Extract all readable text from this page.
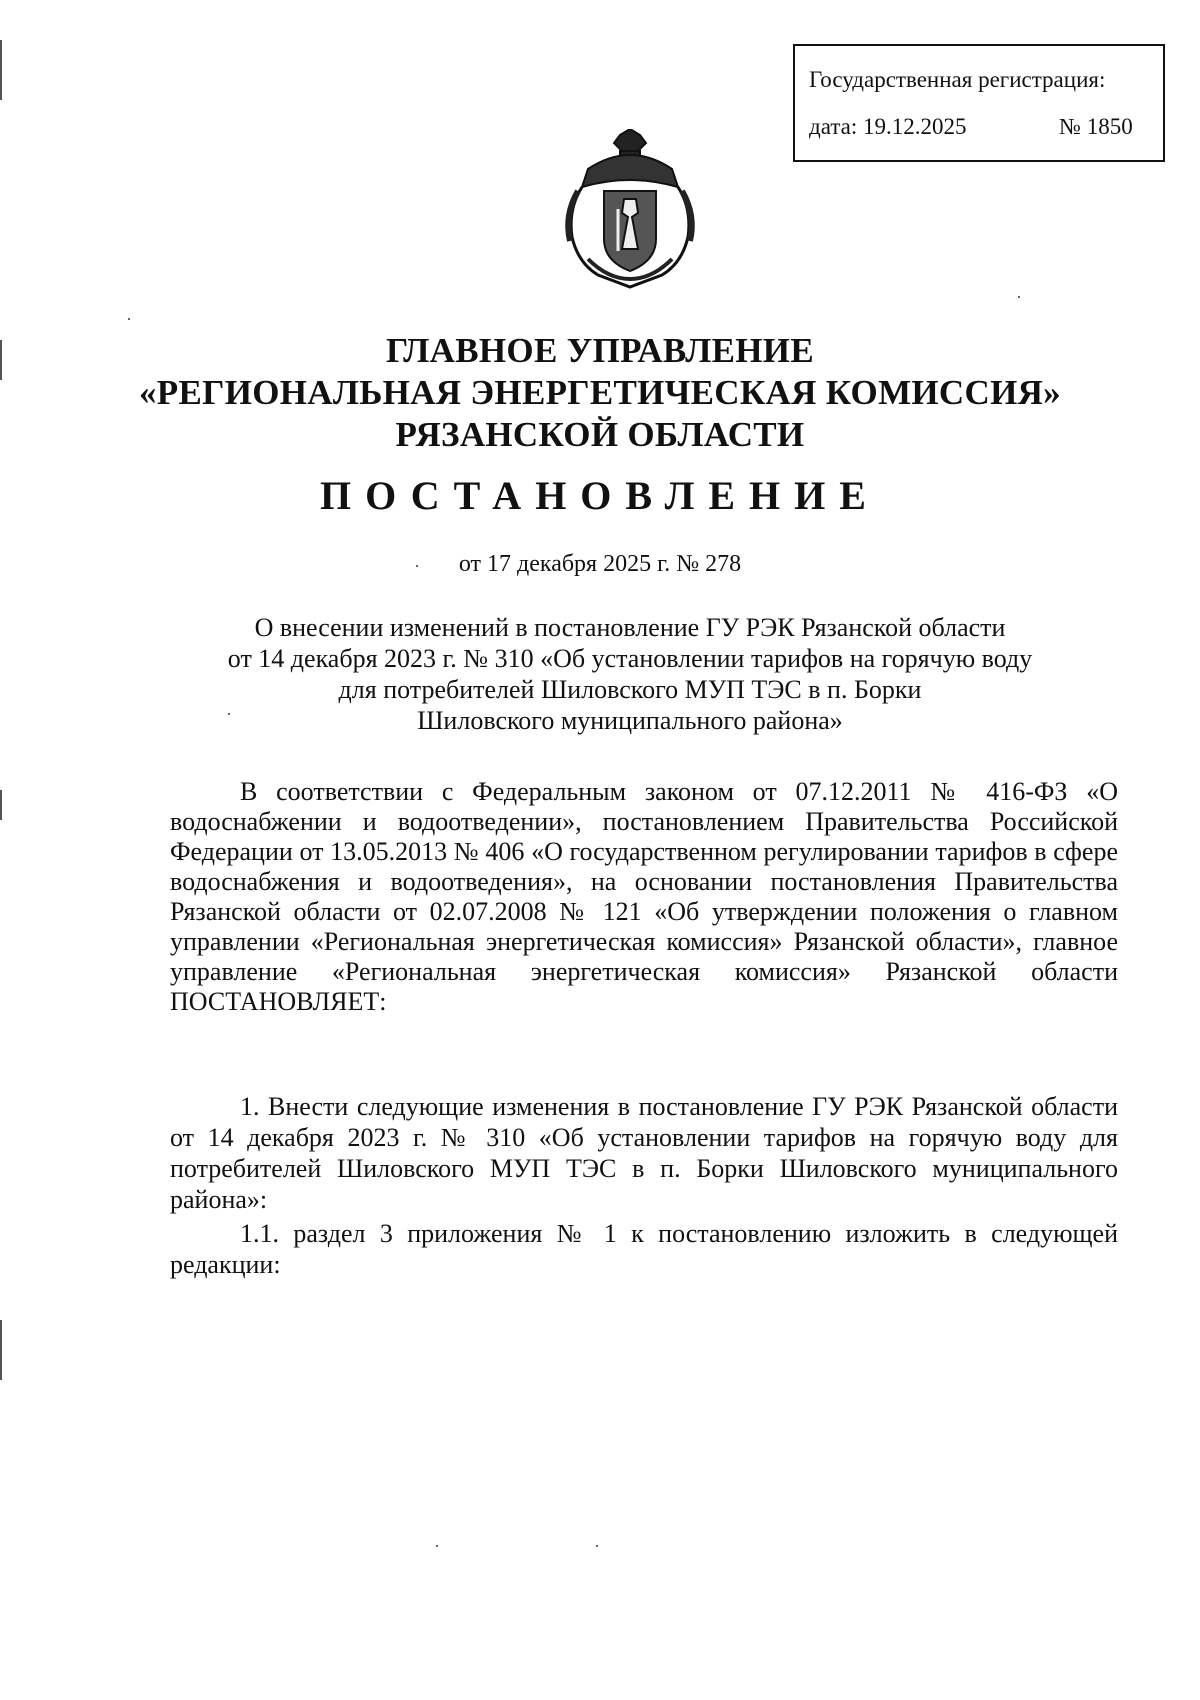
Государственная регистрация:
дата: 19.12.2025	№ 1850
ГЛАВНОЕ УПРАВЛЕНИЕ
«РЕГИОНАЛЬНАЯ ЭНЕРГЕТИЧЕСКАЯ КОМИССИЯ»
РЯЗАНСКОЙ ОБЛАСТИ
ПОСТАНОВЛЕНИЕ
от 17 декабря 2025 г. № 278
О внесении изменений в постановление ГУ РЭК Рязанской области
от 14 декабря 2023 г. № 310 «Об установлении тарифов на горячую воду
для потребителей Шиловского МУП ТЭС в п. Борки
Шиловского муниципального района»

В соответствии с Федеральным законом от 07.12.2011 № 416-ФЗ «О водоснабжении и водоотведении», постановлением Правительства Российской Федерации от 13.05.2013 № 406 «О государственном регулировании тарифов в сфере водоснабжения и водоотведения», на основании постановления Правительства Рязанской области от 02.07.2008 № 121 «Об утверждении положения о главном управлении «Региональная энергетическая комиссия» Рязанской области», главное управление «Региональная энергетическая комиссия» Рязанской области ПОСТАНОВЛЯЕТ:

1. Внести следующие изменения в постановление ГУ РЭК Рязанской области от 14 декабря 2023 г. № 310 «Об установлении тарифов на горячую воду для потребителей Шиловского МУП ТЭС в п. Борки Шиловского муниципального района»:

1.1. раздел 3 приложения № 1 к постановлению изложить в следующей редакции:
